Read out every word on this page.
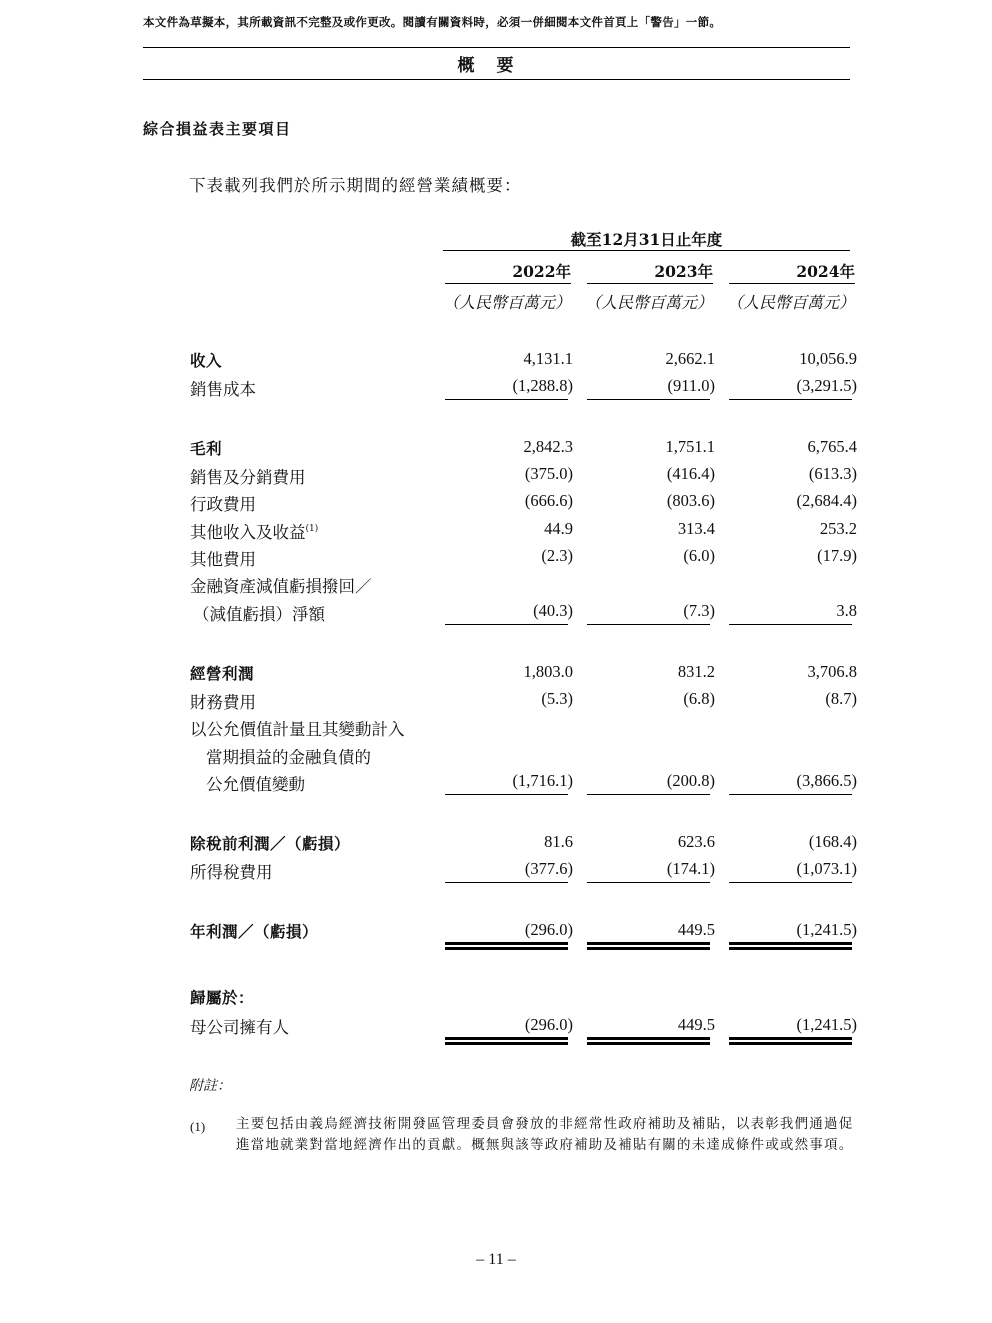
本文件為草擬本，其所載資訊不完整及或作更改。閱讀有關資料時，必須一併細閱本文件首頁上「警告」一節。
概要
綜合損益表主要項目
下表載列我們於所示期間的經營業績概要：
截至12月31日止年度
2022年	2023年	2024年
（人民幣百萬元） （人民幣百萬元） （人民幣百萬元）
收入	4,131.1	2,662.1	10,056.9
銷售成本	(1,288.8)	(911.0)	(3,291.5)
毛利	2,842.3	1,751.1	6,765.4
銷售及分銷費用	(375.0)	(416.4)	(613.3)
行政費用	(666.6)	(803.6)	(2,684.4)
其他收入及收益$^{(1)}$	44.9	313.4	253.2
其他費用	(2.3)	(6.0)	(17.9)
金融資產減值虧損撥回／
（減值虧損）淨額	(40.3)	(7.3)	3.8
經營利潤	1,803.0	831.2	3,706.8
財務費用	(5.3)	(6.8)	(8.7)
以公允價值計量且其變動計入
當期損益的金融負債的
公允價值變動	(1,716.1)	(200.8)	(3,866.5)
除稅前利潤／（虧損）	81.6	623.6	(168.4)
所得稅費用	(377.6)	(174.1)	(1,073.1)
年利潤／（虧損）	(296.0)	449.5	(1,241.5)
歸屬於：
母公司擁有人	(296.0)	449.5	(1,241.5)
附註：
(1) 主要包括由義烏經濟技術開發區管理委員會發放的非經常性政府補助及補貼，以表彰我們通過促進當地就業對當地經濟作出的貢獻。概無與該等政府補助及補貼有關的未達成條件或或然事項。
– 11 –
